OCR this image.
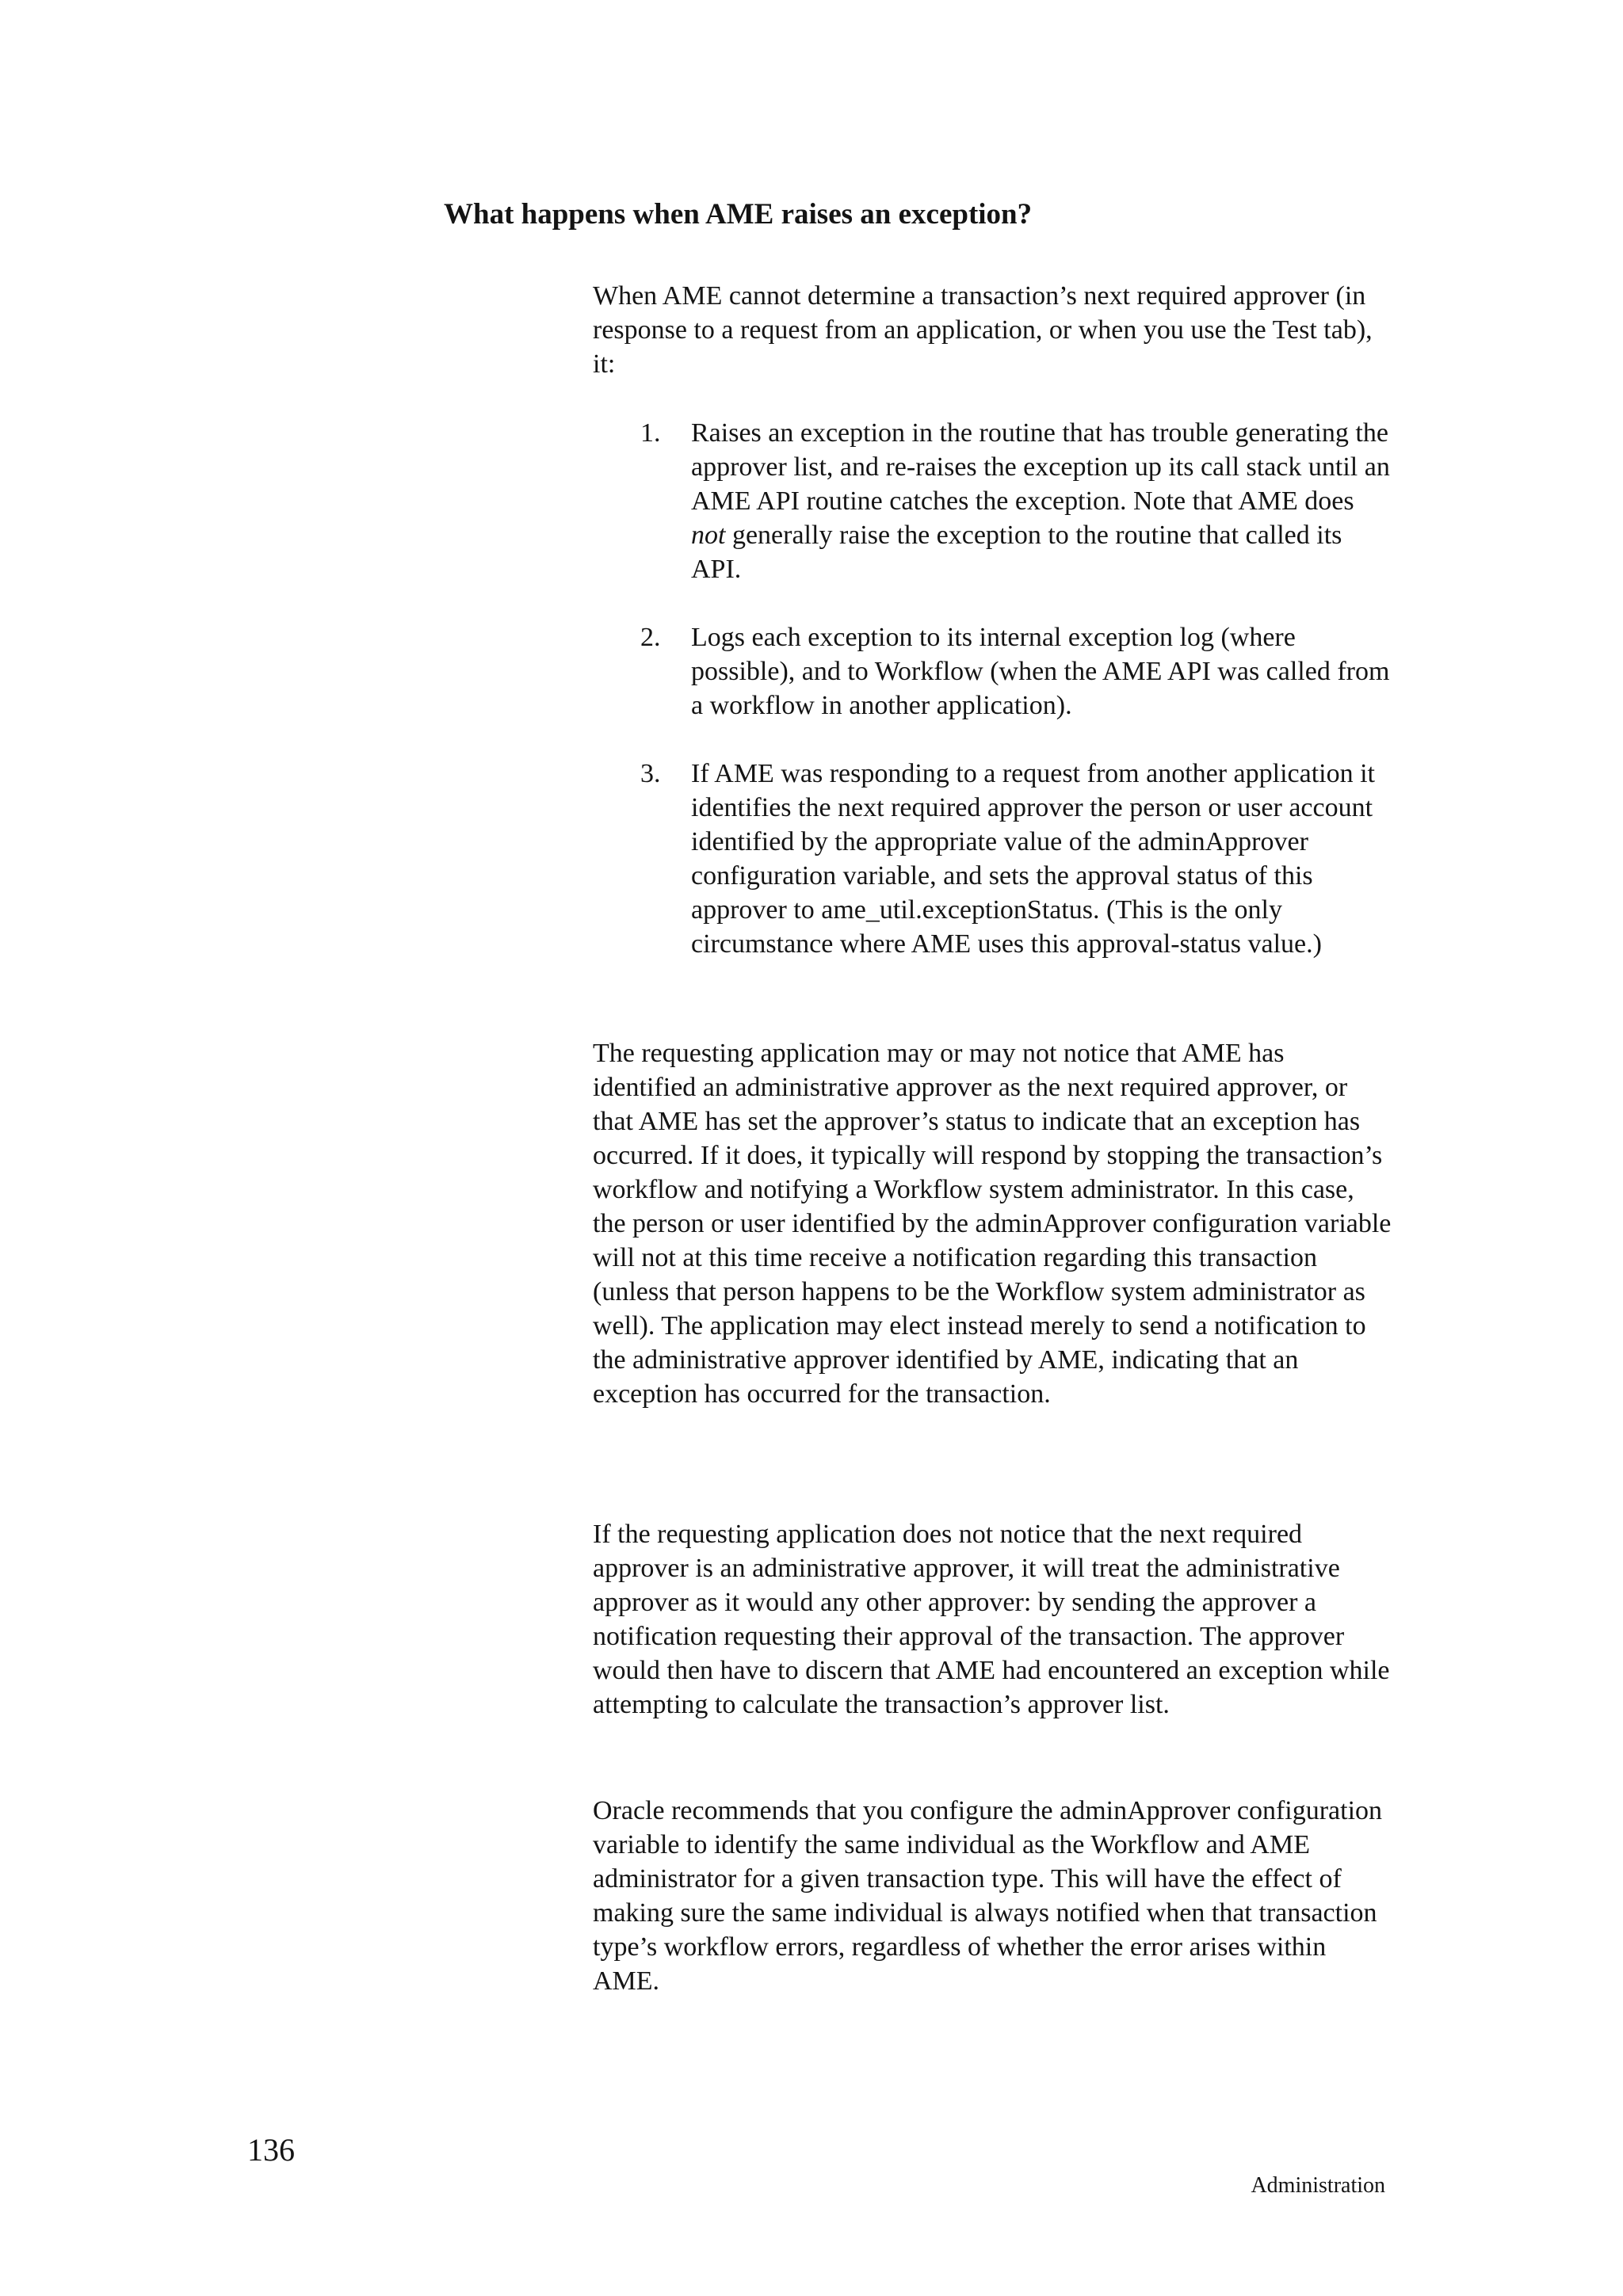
What happens when AME raises an exception?

When AME cannot determine a transaction’s next required approver (in response to a request from an application, or when you use the Test tab), it:

1. Raises an exception in the routine that has trouble generating the approver list, and re-raises the exception up its call stack until an AME API routine catches the exception. Note that AME does not generally raise the exception to the routine that called its API.
2. Logs each exception to its internal exception log (where possible), and to Workflow (when the AME API was called from a workflow in another application).
3. If AME was responding to a request from another application it identifies the next required approver the person or user account identified by the appropriate value of the adminApprover configuration variable, and sets the approval status of this approver to ame_util.exceptionStatus. (This is the only circumstance where AME uses this approval-status value.)

The requesting application may or may not notice that AME has identified an administrative approver as the next required approver, or that AME has set the approver’s status to indicate that an exception has occurred. If it does, it typically will respond by stopping the transaction’s workflow and notifying a Workflow system administrator. In this case, the person or user identified by the adminApprover configuration variable will not at this time receive a notification regarding this transaction (unless that person happens to be the Workflow system administrator as well). The application may elect instead merely to send a notification to the administrative approver identified by AME, indicating that an exception has occurred for the transaction.

If the requesting application does not notice that the next required approver is an administrative approver, it will treat the administrative approver as it would any other approver: by sending the approver a notification requesting their approval of the transaction. The approver would then have to discern that AME had encountered an exception while attempting to calculate the transaction’s approver list.

Oracle recommends that you configure the adminApprover configuration variable to identify the same individual as the Workflow and AME administrator for a given transaction type. This will have the effect of making sure the same individual is always notified when that transaction type’s workflow errors, regardless of whether the error arises within AME.

136
Administration
